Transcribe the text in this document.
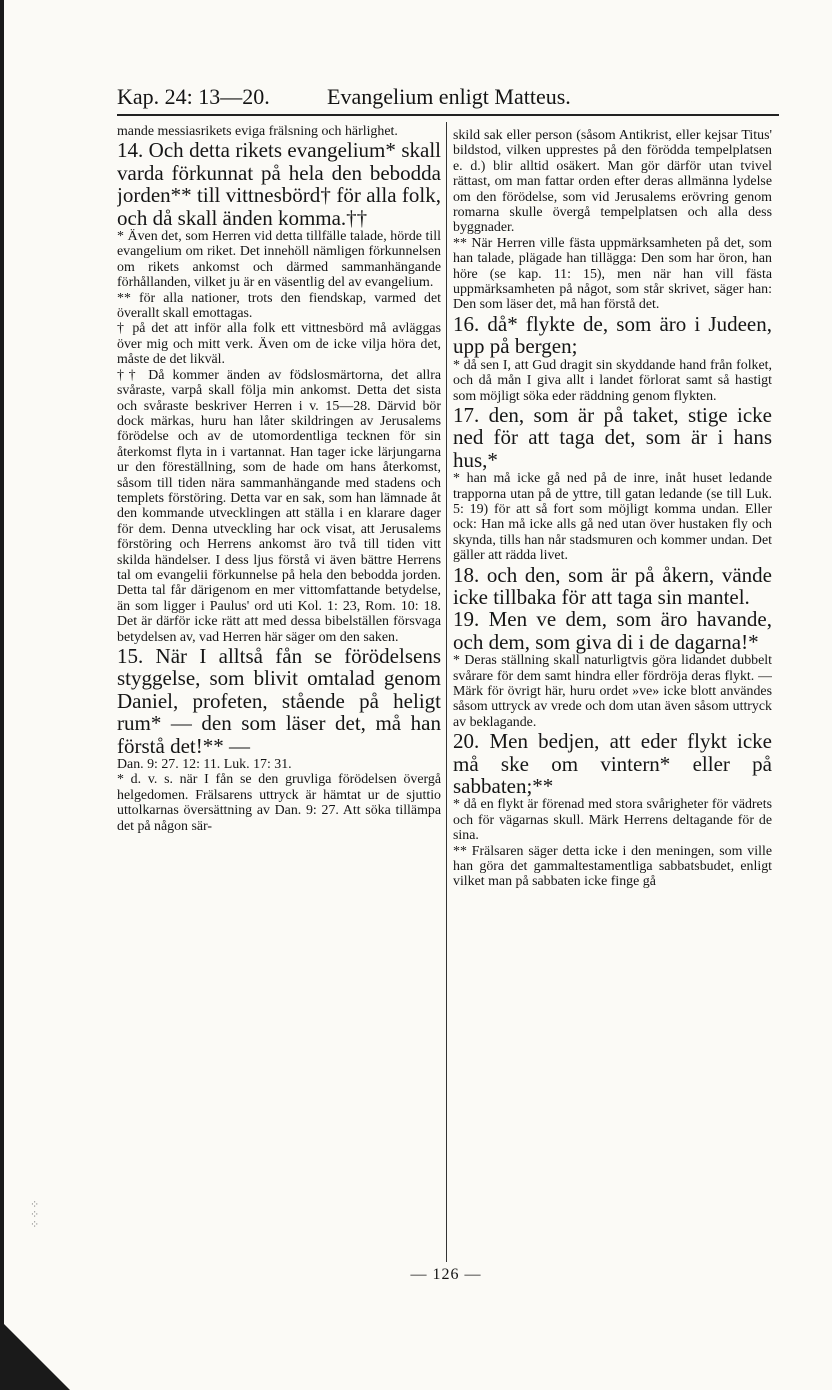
Kap. 24: 13—20.	Evangelium enligt Matteus.

mande messiasrikets eviga frälsning och härlighet.

14. Och detta rikets evangelium* skall varda förkunnat på hela den bebodda jorden** till vittnesbörd† för alla folk, och då skall änden komma.††

* Även det, som Herren vid detta tillfälle talade, hörde till evangelium om riket. Det innehöll nämligen förkunnelsen om rikets ankomst och därmed sammanhängande förhållanden, vilket ju är en väsentlig del av evangelium.

** för alla nationer, trots den fiendskap, varmed det överallt skall emottagas.

† på det att inför alla folk ett vittnesbörd må avläggas över mig och mitt verk. Även om de icke vilja höra det, måste de det likväl.

†† Då kommer änden av födslosmärtorna, det allra svåraste, varpå skall följa min ankomst. Detta det sista och svåraste beskriver Herren i v. 15—28. Därvid bör dock märkas, huru han låter skildringen av Jerusalems förödelse och av de utomordentliga tecknen för sin återkomst flyta in i vartannat. Han tager icke lärjungarna ur den föreställning, som de hade om hans återkomst, såsom till tiden nära sammanhängande med stadens och templets förstöring. Detta var en sak, som han lämnade åt den kommande utvecklingen att ställa i en klarare dager för dem. Denna utveckling har ock visat, att Jerusalems förstöring och Herrens ankomst äro två till tiden vitt skilda händelser. I dess ljus förstå vi även bättre Herrens tal om evangelii förkunnelse på hela den bebodda jorden. Detta tal får därigenom en mer vittomfattande betydelse, än som ligger i Paulus' ord uti Kol. 1: 23, Rom. 10: 18. Det är därför icke rätt att med dessa bibelställen försvaga betydelsen av, vad Herren här säger om den saken.

15. När I alltså fån se förödelsens styggelse, som blivit omtalad genom Daniel, profeten, stående på heligt rum* — den som läser det, må han förstå det!** —

Dan. 9: 27. 12: 11. Luk. 17: 31.

* d. v. s. när I fån se den gruvliga förödelsen övergå helgedomen. Frälsarens uttryck är hämtat ur de sjuttio uttolkarnas översättning av Dan. 9: 27. Att söka tillämpa det på någon sär-

skild sak eller person (såsom Antikrist, eller kejsar Titus' bildstod, vilken upprestes på den förödda tempelplatsen e. d.) blir alltid osäkert. Man gör därför utan tvivel rättast, om man fattar orden efter deras allmänna lydelse om den förödelse, som vid Jerusalems erövring genom romarna skulle övergå tempelplatsen och alla dess byggnader.

** När Herren ville fästa uppmärksamheten på det, som han talade, plägade han tillägga: Den som har öron, han höre (se kap. 11: 15), men när han vill fästa uppmärksamheten på något, som står skrivet, säger han: Den som läser det, må han förstå det.

16. då* flykte de, som äro i Judeen, upp på bergen;

* då sen I, att Gud dragit sin skyddande hand från folket, och då mån I giva allt i landet förlorat samt så hastigt som möjligt söka eder räddning genom flykten.

17. den, som är på taket, stige icke ned för att taga det, som är i hans hus,*

* han må icke gå ned på de inre, inåt huset ledande trapporna utan på de yttre, till gatan ledande (se till Luk. 5: 19) för att så fort som möjligt komma undan. Eller ock: Han må icke alls gå ned utan över hustaken fly och skynda, tills han når stadsmuren och kommer undan. Det gäller att rädda livet.

18. och den, som är på åkern, vände icke tillbaka för att taga sin mantel.

19. Men ve dem, som äro havande, och dem, som giva di i de dagarna!*

* Deras ställning skall naturligtvis göra lidandet dubbelt svårare för dem samt hindra eller fördröja deras flykt. — Märk för övrigt här, huru ordet »ve» icke blott användes såsom uttryck av vrede och dom utan även såsom uttryck av beklagande.

20. Men bedjen, att eder flykt icke må ske om vintern* eller på sabbaten;**

* då en flykt är förenad med stora svårigheter för vädrets och för vägarnas skull. Märk Herrens deltagande för de sina.

** Frälsaren säger detta icke i den meningen, som ville han göra det gammaltestamentliga sabbatsbudet, enligt vilket man på sabbaten icke finge gå

⁘
⁘
⁘
— 126 —
